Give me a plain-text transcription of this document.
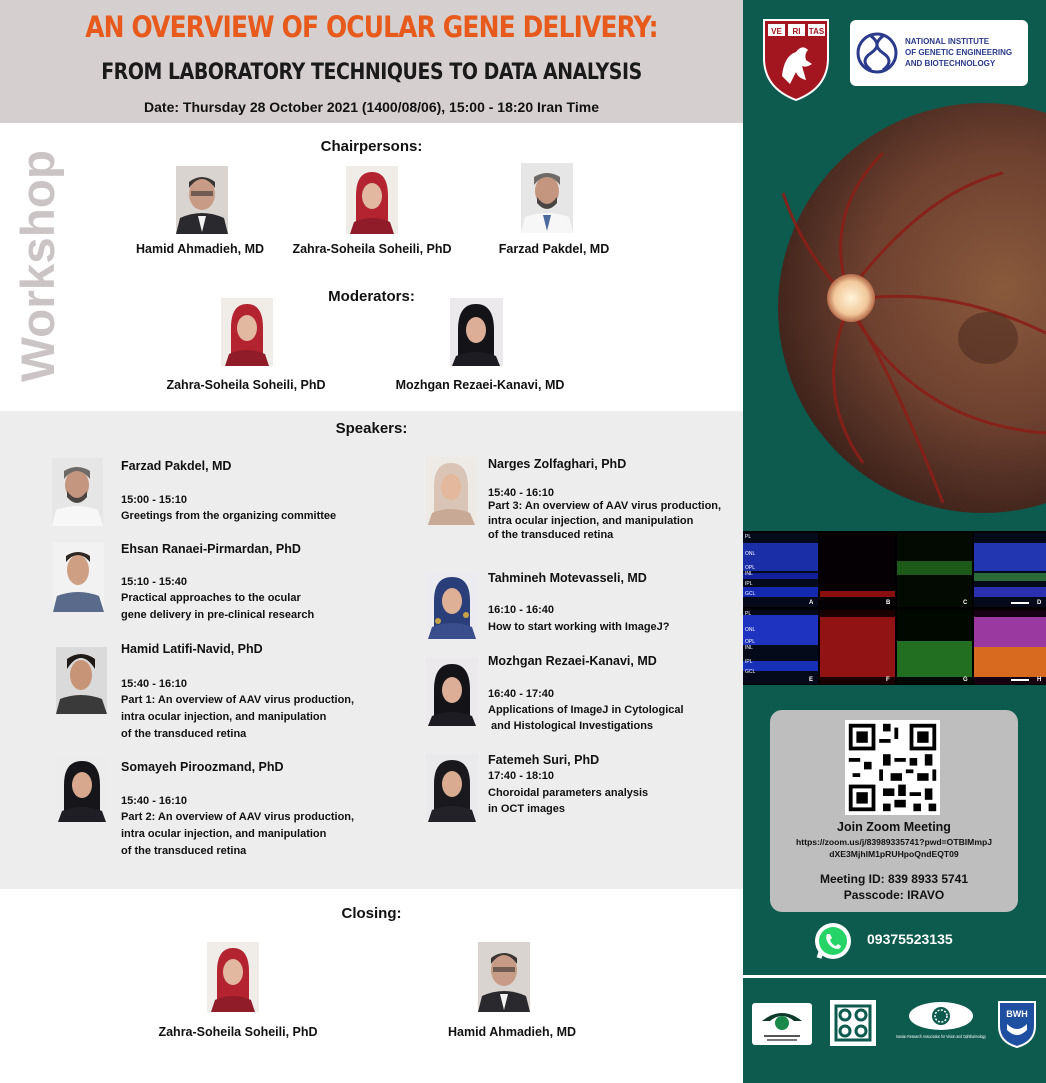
AN OVERVIEW OF OCULAR GENE DELIVERY:
FROM LABORATORY TECHNIQUES TO DATA ANALYSIS
Date: Thursday 28 October 2021 (1400/08/06), 15:00 - 18:20 Iran Time
Workshop
Chairpersons:
Hamid Ahmadieh, MD	Zahra-Soheila Soheili, PhD	Farzad Pakdel, MD
Moderators:
Zahra-Soheila Soheili, PhD	Mozhgan Rezaei-Kanavi, MD
Speakers:
Farzad Pakdel, MD
15:00 - 15:10
Greetings from the organizing committee
Ehsan Ranaei-Pirmardan, PhD
15:10 - 15:40
Practical approaches to the ocular
gene delivery in pre-clinical research
Hamid Latifi-Navid, PhD
15:40 - 16:10
Part 1: An overview of AAV virus production,
intra ocular injection, and manipulation
of the transduced retina
Somayeh Piroozmand, PhD
15:40 - 16:10
Part 2: An overview of AAV virus production,
intra ocular injection, and manipulation
of the transduced retina
Narges Zolfaghari, PhD
15:40 - 16:10
Part 3: An overview of AAV virus production,
intra ocular injection, and manipulation
of the transduced retina
Tahmineh Motevasseli, MD
16:10 - 16:40
How to start working with ImageJ?
Mozhgan Rezaei-Kanavi, MD
16:40 - 17:40
Applications of ImageJ in Cytological
and Histological Investigations
Fatemeh Suri, PhD
17:40 - 18:10
Choroidal parameters analysis
in OCT images
Closing:
Zahra-Soheila Soheili, PhD	Hamid Ahmadieh, MD
VE RI TAS
NATIONAL INSTITUTE
OF GENETIC ENGINEERING
AND BIOTECHNOLOGY
PL
ONL
OPL
INL
IPL
GCL
PL
ONL
OPL
INL
IPL
GCL
A	B	C	D
E	F	G	H
Join Zoom Meeting
https://zoom.us/j/83989335741?pwd=OTBlMmpJ
dXE3MjhlM1pRUHpoQndEQT09
Meeting ID: 839 8933 5741
Passcode: IRAVO
09375523135
Iranian Research Association for Vision and Ophthalmology
BWH
